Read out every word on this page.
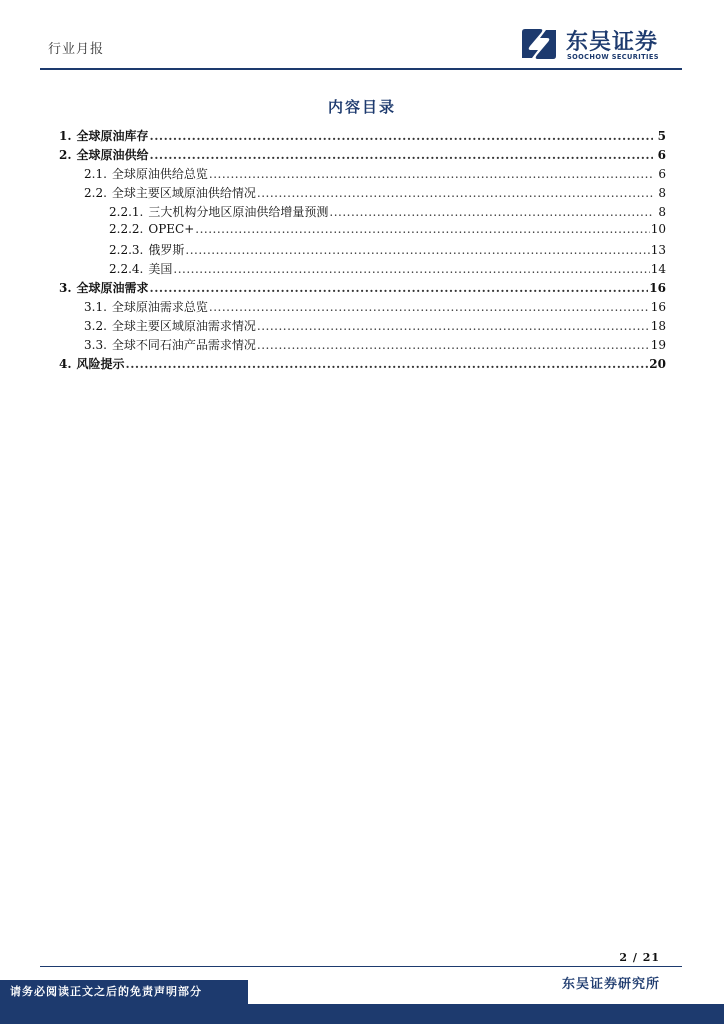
行业月报	东吴证券
SOOCHOW SECURITIES
内容目录
1. 全球原油库存 .....	5
2. 全球原油供给 .....	6
2.1. 全球原油供给总览 .....	6
2.2. 全球主要区域原油供给情况 .....	8
2.2.1. 三大机构分地区原油供给增量预测 .....	8
2.2.2. OPEC+ .....	10
2.2.3. 俄罗斯 .....	13
2.2.4. 美国 .....	14
3. 全球原油需求 .....	16
3.1. 全球原油需求总览 .....	16
3.2. 全球主要区域原油需求情况 .....	18
3.3. 全球不同石油产品需求情况 .....	19
4. 风险提示 .....	20
2 / 21
东吴证券研究所
请务必阅读正文之后的免责声明部分
